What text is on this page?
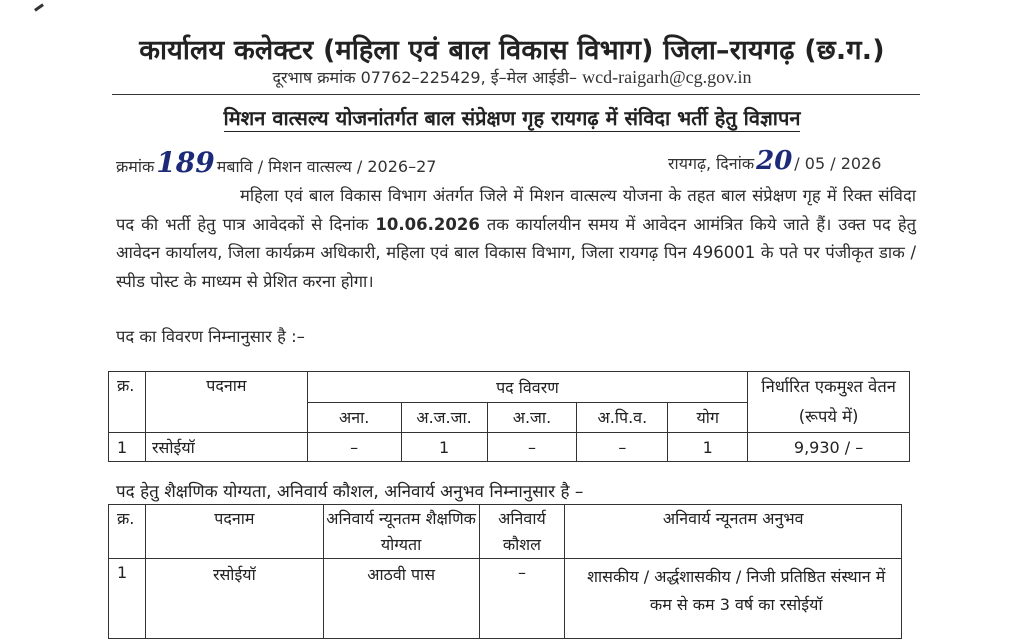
कार्यालय कलेक्टर (महिला एवं बाल विकास विभाग) जिला–रायगढ़ (छ.ग.)
दूरभाष क्रमांक 07762–225429, ई–मेल आईडी– wcd-raigarh@cg.gov.in
मिशन वात्सल्य योजनांतर्गत बाल संप्रेक्षण गृह रायगढ़ में संविदा भर्ती हेतु विज्ञापन
क्रमांक 189 मबावि / मिशन वात्सल्य / 2026–27	रायगढ़, दिनांक 20 / 05 / 2026
महिला एवं बाल विकास विभाग अंतर्गत जिले में मिशन वात्सल्य योजना के तहत बाल संप्रेक्षण गृह में रिक्त संविदा पद की भर्ती हेतु पात्र आवेदकों से दिनांक 10.06.2026 तक कार्यालयीन समय में आवेदन आमंत्रित किये जाते हैं। उक्त पद हेतु आवेदन कार्यालय, जिला कार्यक्रम अधिकारी, महिला एवं बाल विकास विभाग, जिला रायगढ़ पिन 496001 के पते पर पंजीकृत डाक / स्पीड पोस्ट के माध्यम से प्रेशित करना होगा।
पद का विवरण निम्नानुसार है :–
क्र.	पदनाम	पद विवरण					निर्धारित एकमुश्त वेतन (रूपये में)
		अना.	अ.ज.जा.	अ.जा.	अ.पि.व.	योग	
1	रसोईयॉ	–	1	–	–	1	9,930 / –
पद हेतु शैक्षणिक योग्यता, अनिवार्य कौशल, अनिवार्य अनुभव निम्नानुसार है –
क्र.	पदनाम	अनिवार्य न्यूनतम शैक्षणिक योग्यता	अनिवार्य कौशल	अनिवार्य न्यूनतम अनुभव
1	रसोईयॉ	आठवी पास	–	शासकीय / अर्द्धशासकीय / निजी प्रतिष्ठित संस्थान में कम से कम 3 वर्ष का रसोईयॉ
